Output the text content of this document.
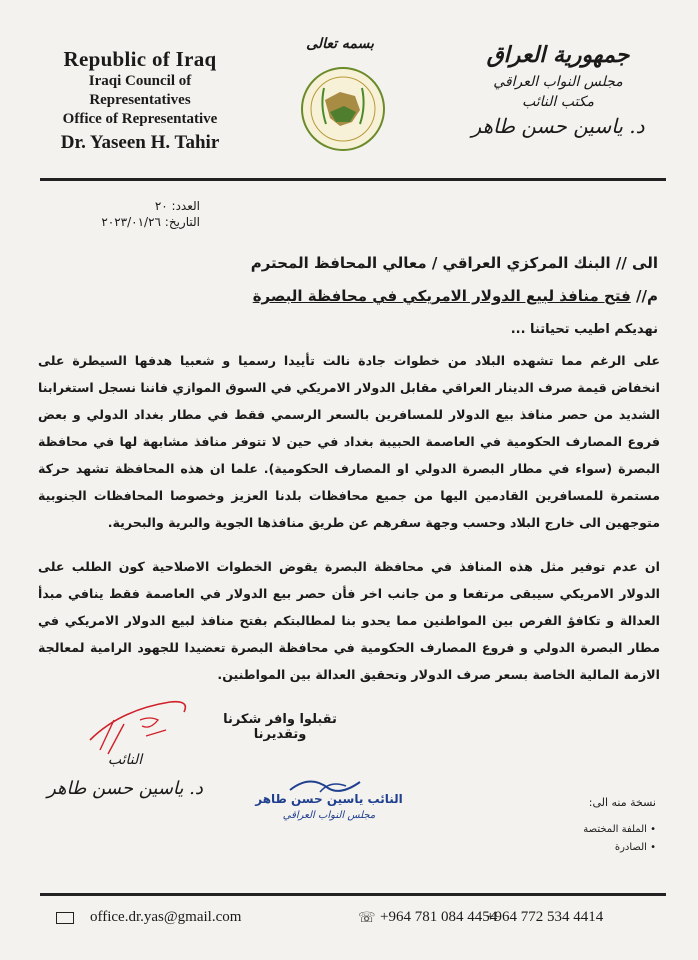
Republic of Iraq
Iraqi Council of Representatives
Office of Representative
Dr. Yaseen H. Tahir
بسمه تعالى	جمهورية العراق
مجلس النواب العراقي
مكتب النائب
د. ياسين حسن طاهر
العدد: ٢٠
التاريخ: ٢٠٢٣/٠١/٢٦
الى // البنك المركزي العراقي / معالي المحافظ المحترم
م// فتح منافذ لبيع الدولار الامريكي في محافظة البصرة
نهديكم اطيب تحياتنا ...
على الرغم مما تشهده البلاد من خطوات جادة نالت تأييدا رسميا و شعبيا هدفها السيطرة على انخفاض قيمة صرف الدينار العراقي مقابل الدولار الامريكي في السوق الموازي فاننا نسجل استغرابنا الشديد من حصر منافذ بيع الدولار للمسافرين بالسعر الرسمي فقط في مطار بغداد الدولي و بعض فروع المصارف الحكومية في العاصمة الحبيبة بغداد في حين لا تتوفر منافذ مشابهة لها في محافظة البصرة (سواء في مطار البصرة الدولي او المصارف الحكومية). علما ان هذه المحافظة تشهد حركة مستمرة للمسافرين القادمين اليها من جميع محافظات بلدنا العزيز وخصوصا المحافظات الجنوبية متوجهين الى خارج البلاد وحسب وجهة سفرهم عن طريق منافذها الجوية والبرية والبحرية.
ان عدم توفير مثل هذه المنافذ في محافظة البصرة يقوض الخطوات الاصلاحية كون الطلب على الدولار الامريكي سيبقى مرتفعا و من جانب اخر فأن حصر بيع الدولار في العاصمة فقط ينافي مبدأ العدالة و تكافؤ الفرص بين المواطنين مما يحدو بنا لمطالبتكم بفتح منافذ لبيع الدولار الامريكي في مطار البصرة الدولي و فروع المصارف الحكومية في محافظة البصرة تعضيدا للجهود الرامية لمعالجة الازمة المالية الخاصة بسعر صرف الدولار وتحقيق العدالة بين المواطنين.
تقبلوا وافر شكرنا وتقديرنا
النائب
د. ياسين حسن طاهر	النائب ياسين حسن طاهر
مجلس النواب العراقي
نسخة منه الى:
• الملفة المختصة
• الصادرة
office.dr.yas@gmail.com	☏ +964 781 084 4454
+964 772 534 4414
